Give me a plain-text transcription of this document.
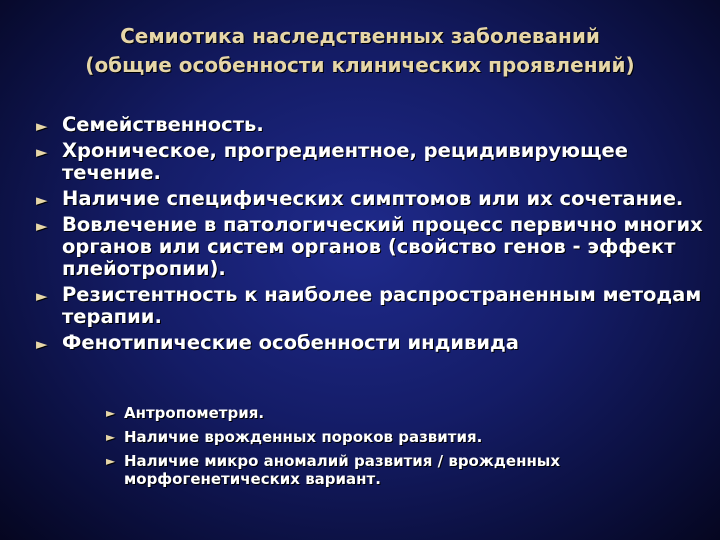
Семиотика наследственных заболеваний
(общие особенности клинических проявлений)
► Семейственность.
► Хроническое, прогредиентное, рецидивирующее течение.
► Наличие специфических симптомов или их сочетание.
► Вовлечение в патологический процесс первично многих органов или систем органов (свойство генов - эффект плейотропии).
► Резистентность к наиболее распространенным методам терапии.
► Фенотипические особенности индивида
► Антропометрия.
► Наличие врожденных пороков развития.
► Наличие микро аномалий развития / врожденных морфогенетических вариант.
